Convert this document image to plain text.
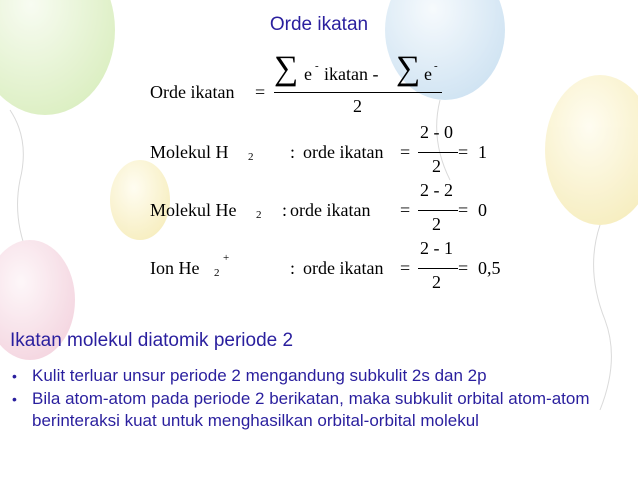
Orde ikatan
Orde ikatan =
∑ e - ikatan - ∑ e -
2
Molekul H 2 : orde ikatan =
2 - 0
2
= 1
Molekul He 2 : orde ikatan =
2 - 2
2
= 0
Ion He 2
+	: orde ikatan =
2 - 1
2
= 0,5
Ikatan molekul diatomik periode 2
• Kulit terluar unsur periode 2 mengandung subkulit 2s dan 2p
• Bila atom-atom pada periode 2 berikatan, maka subkulit orbital atom-atom berinteraksi kuat untuk menghasilkan orbital-orbital molekul
